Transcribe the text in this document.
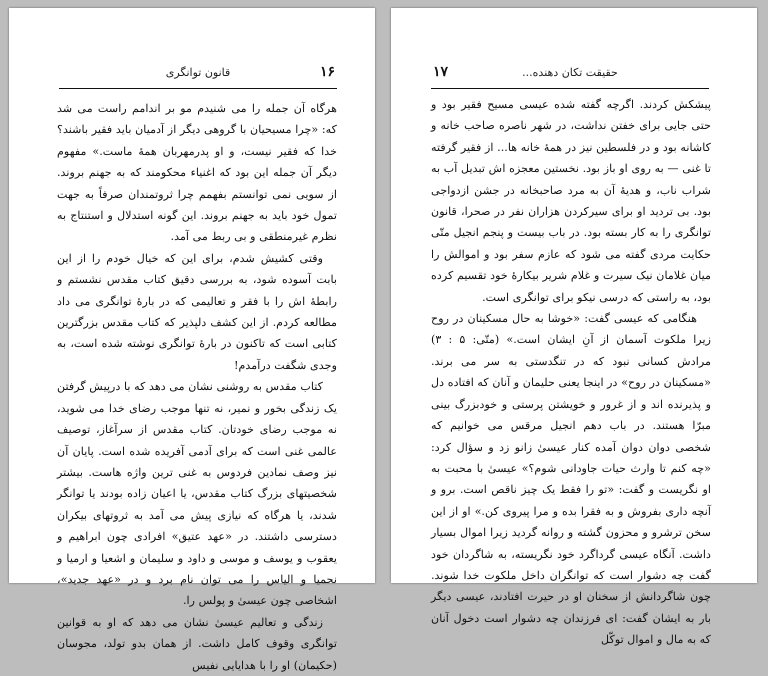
۱۶
قانون توانگری

هرگاه آن جمله را می شنیدم مو بر اندامم راست می شد که: «چرا مسیحیان با گروهی دیگر از آدمیان باید فقیر باشند؟ خدا که فقیر نیست، و او پدرمهربان همهٔ ماست.» مفهوم دیگر آن جمله این بود که اغنیاء محکومند که به جهنم بروند. از سویی نمی توانستم بفهمم چرا ثروتمندان صرفاً به جهت تمول خود باید به جهنم بروند. این گونه استدلال و استنتاج به نظرم غیرمنطقی و بی ربط می آمد.

وقتی کشیش شدم، برای این که خیال خودم را از این بابت آسوده شود، به بررسی دقیق کتاب مقدس نشستم و رابطهٔ اش را با فقر و تعالیمی که در بارهٔ توانگری می داد مطالعه کردم. از این کشف دلپذیر که کتاب مقدس بزرگترین کتابی است که تاکنون در بارهٔ توانگری نوشته شده است، به وجدی شگفت درآمدم!

کتاب مقدس به روشنی نشان می دهد که با درپیش گرفتن یک زندگی بخور و نمیر، نه تنها موجب رضای خدا می شوید، نه موجب رضای خودتان. کتاب مقدس از سرآغاز، توصیف عالمی غنی است که برای آدمی آفریده شده است. پایان آن نیز وصف نمادین فردوس به غنی ترین واژه هاست. بیشتر شخصیتهای بزرگ کتاب مقدس، یا اعیان زاده بودند یا توانگر شدند، یا هرگاه که نیازی پیش می آمد به ثروتهای بیکران دسترسی داشتند. در «عهد عتیق» افرادی چون ابراهیم و یعقوب و یوسف و موسی و داود و سلیمان و اشعیا و ارمیا و نحمیا و الیاس را می توان نام برد و در «عهد جدید»، اشخاصی چون عیسیٰ و پولس را.

زندگی و تعالیم عیسیٰ نشان می دهد که او به قوانین توانگری وقوف کامل داشت. از همان بدو تولد، مجوسان (حکیمان) او را با هدایایی نفیس

۱۷	حقیقت تکان دهنده...

پیشکش کردند. اگرچه گفته شده عیسی مسیح فقیر بود و حتی جایی برای خفتن نداشت، در شهر ناصره صاحب خانه و کاشانه بود و در فلسطین نیز در همهٔ خانه ها... از فقیر گرفته تا غنی — به روی او باز بود. نخستین معجزه اش تبدیل آب به شراب ناب، و هدیهٔ آن به مرد صاحبخانه در جشن ازدواجی بود. بی تردید او برای سیرکردن هزاران نفر در صحرا، قانون توانگری را به کار بسته بود. در باب بیست و پنجم انجیل متّی حکایت مردی گفته می شود که عازم سفر بود و اموالش را میان غلامان نیک سیرت و غلام شریر بیکارهٔ خود تقسیم کرده بود، به راستی که درسی نیکو برای توانگری است.

هنگامی که عیسی گفت: «خوشا به حال مسکینان در روح زیرا ملکوت آسمان از آنِ ایشان است.» (متّی: ۵ : ۳) مرادش کسانی نبود که در تنگدستی به سر می برند. «مسکینان در روح» در اینجا یعنی حلیمان و آنان که افتاده دل و پذیرنده اند و از غرور و خویشتن پرستی و خودبزرگ بینی مبرّا هستند. در باب دهم انجیل مرقس می خوانیم که شخصی دوان دوان آمده کنار عیسیٰ زانو زد و سؤال کرد: «چه کنم تا وارث حیات جاودانی شوم؟» عیسیٰ با محبت به او نگریست و گفت: «تو را فقط یک چیز ناقص است. برو و آنچه داری بفروش و به فقرا بده و مرا پیروی کن.» او از این سخن ترشرو و محزون گشته و روانه گردید زیرا اموال بسیار داشت. آنگاه عیسی گرداگرد خود نگریسته، به شاگردان خود گفت چه دشوار است که توانگران داخل ملکوت خدا شوند. چون شاگردانش از سخنان او در حیرت افتادند، عیسی دیگر بار به ایشان گفت: ای فرزندان چه دشوار است دخول آنان که به مال و اموال توکّل
